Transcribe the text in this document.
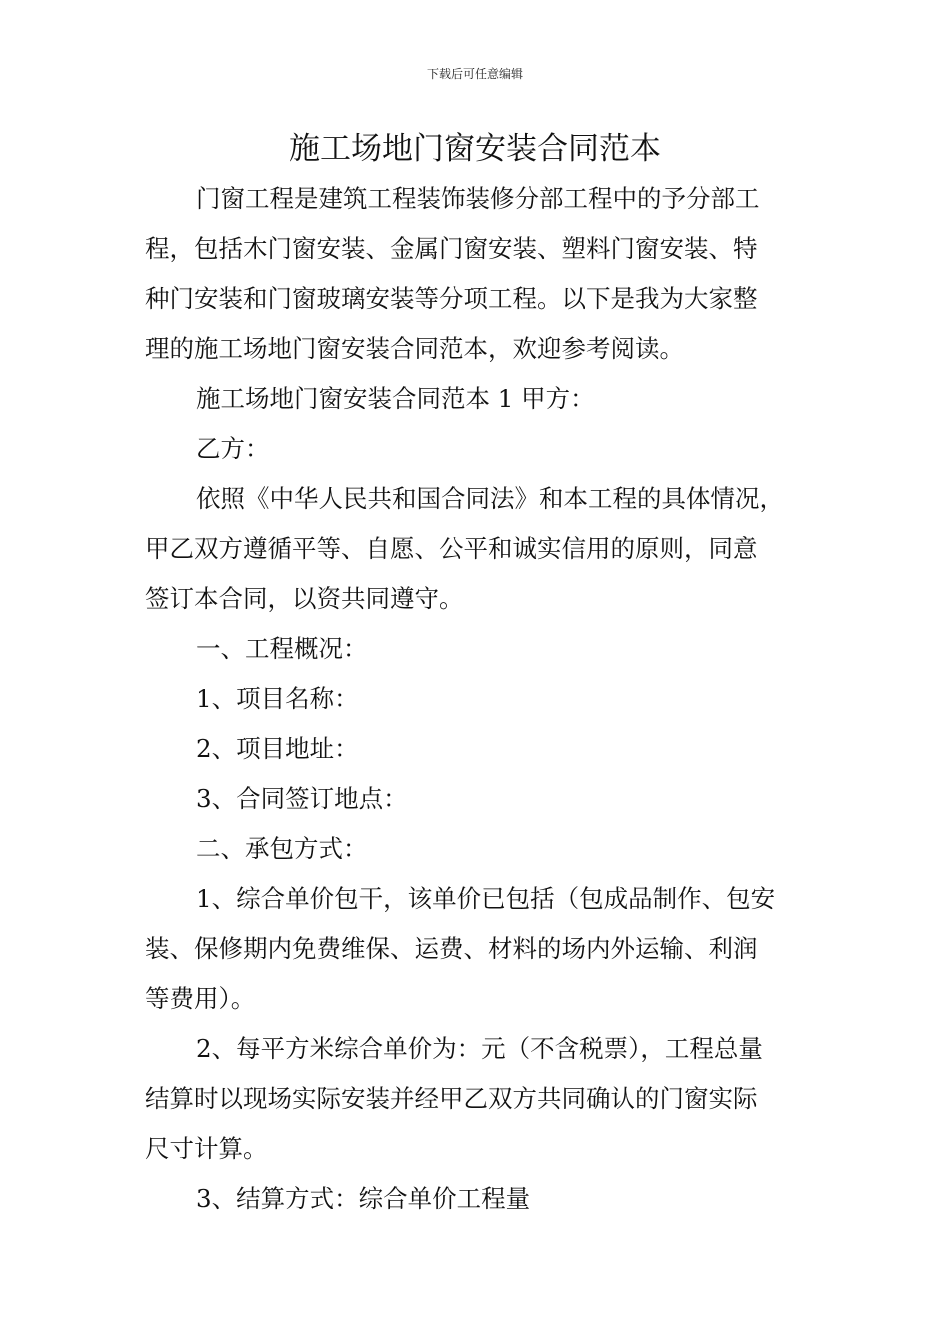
下载后可任意编辑
施工场地门窗安装合同范本
门窗工程是建筑工程装饰装修分部工程中的予分部工
程，包括木门窗安装、金属门窗安装、塑料门窗安装、特
种门安装和门窗玻璃安装等分项工程。以下是我为大家整
理的施工场地门窗安装合同范本，欢迎参考阅读。
施工场地门窗安装合同范本 1 甲方：
乙方：
依照《中华人民共和国合同法》和本工程的具体情况，
甲乙双方遵循平等、自愿、公平和诚实信用的原则，同意
签订本合同，以资共同遵守。
一、工程概况：
1、项目名称：
2、项目地址：
3、合同签订地点：
二、承包方式：
1、综合单价包干，该单价已包括（包成品制作、包安
装、保修期内免费维保、运费、材料的场内外运输、利润
等费用）。
2、每平方米综合单价为：元（不含税票），工程总量
结算时以现场实际安装并经甲乙双方共同确认的门窗实际
尺寸计算。
3、结算方式：综合单价工程量
